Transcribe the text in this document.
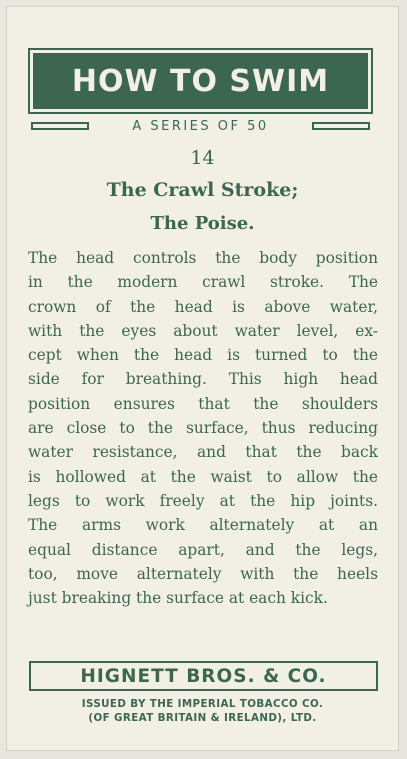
HOW TO SWIM
A SERIES OF 50
14
The Crawl Stroke;
The Poise.
The head controls the body position
in the modern crawl stroke. The
crown of the head is above water,
with the eyes about water level, ex-
cept when the head is turned to the
side for breathing. This high head
position ensures that the shoulders
are close to the surface, thus reducing
water resistance, and that the back
is hollowed at the waist to allow the
legs to work freely at the hip joints.
The arms work alternately at an
equal distance apart, and the legs,
too, move alternately with the heels
just breaking the surface at each kick.
HIGNETT BROS. & CO.
ISSUED BY THE IMPERIAL TOBACCO CO.
(OF GREAT BRITAIN & IRELAND), LTD.
